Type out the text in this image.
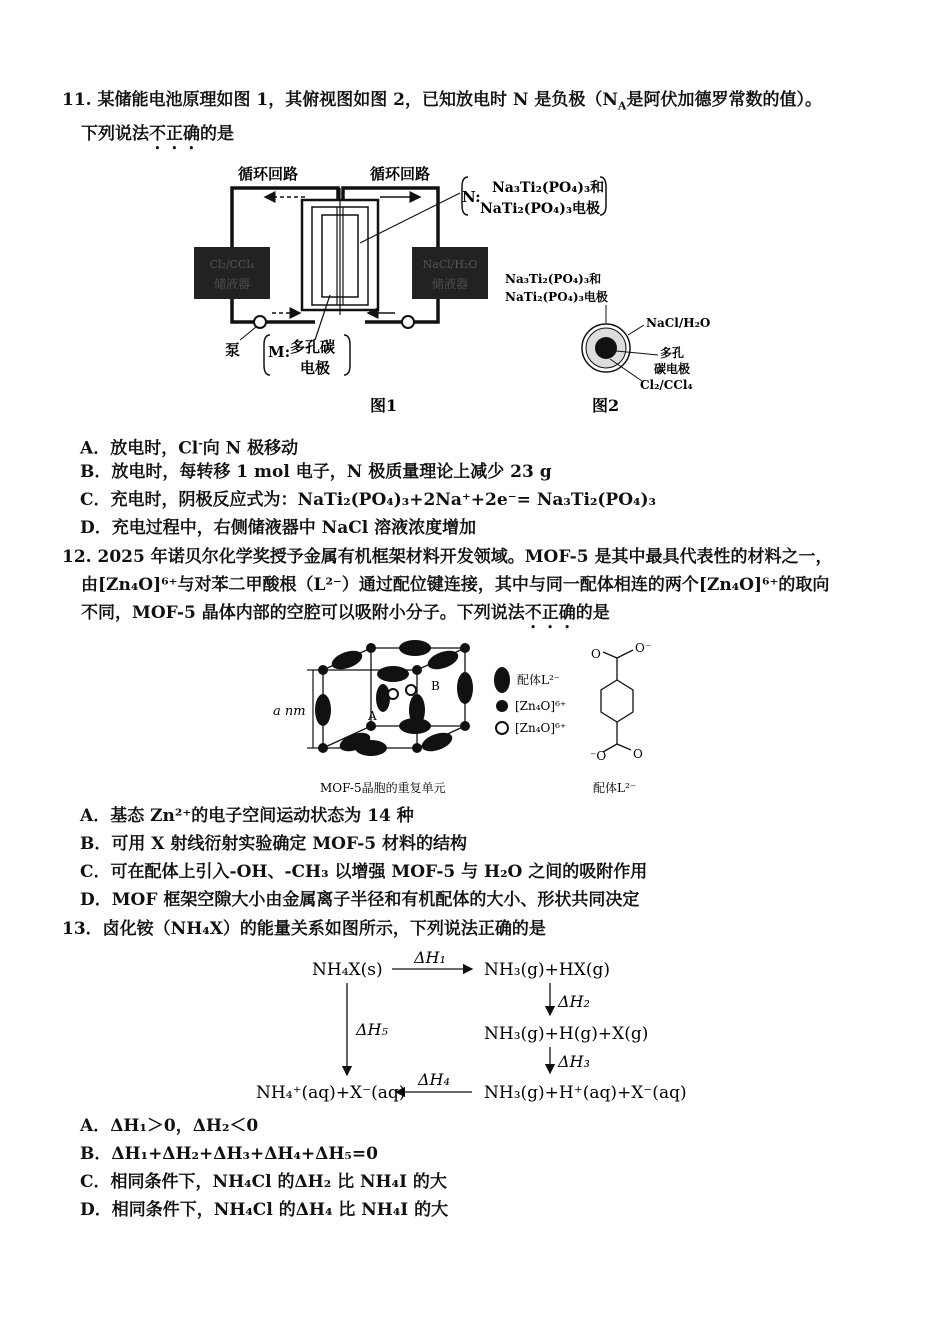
11. 某储能电池原理如图 1，其俯视图如图 2，已知放电时 N 是负极（$N_A$是阿伏加德罗常数的值）。
下列说法不正确的是
循环回路	循环回路
Cl₂/CCl₄
储液器
NaCl/H₂O
储液器
泵 M: 多孔碳
电极
N: Na₃Ti₂(PO₄)₃和
NaTi₂(PO₄)₃电极
图1
Na₃Ti₂(PO₄)₃和
NaTi₂(PO₄)₃电极
NaCl/H₂O
多孔
碳电极
Cl₂/CCl₄
图2
A．放电时，Cl-向 N 极移动
B．放电时，每转移 1 mol 电子，N 极质量理论上减少 23 g
C．充电时，阴极反应式为：NaTi₂(PO₄)₃+2Na⁺+2e⁻= Na₃Ti₂(PO₄)₃
D．充电过程中，右侧储液器中 NaCl 溶液浓度增加
12. 2025 年诺贝尔化学奖授予金属有机框架材料开发领域。MOF-5 是其中最具代表性的材料之一，
由[Zn₄O]⁶⁺与对苯二甲酸根（L²⁻）通过配位键连接，其中与同一配体相连的两个[Zn₄O]⁶⁺的取向
不同，MOF-5 晶体内部的空腔可以吸附小分子。下列说法不正确的是
a nm	A
B	配体L²⁻
[Zn₄O]⁶⁺
[Zn₄O]⁶⁺
O	O⁻
⁻O O
MOF-5晶胞的重复单元	配体L²⁻
A．基态 Zn²⁺的电子空间运动状态为 14 种
B．可用 X 射线衍射实验确定 MOF-5 材料的结构
C．可在配体上引入-OH、-CH₃ 以增强 MOF-5 与 H₂O 之间的吸附作用
D．MOF 框架空隙大小由金属离子半径和有机配体的大小、形状共同决定
13．卤化铵（NH₄X）的能量关系如图所示，下列说法正确的是
NH₄X(s)
ΔH₁
NH₃(g)+HX(g)
ΔH₂
NH₃(g)+H(g)+X(g)
ΔH₃
NH₃(g)+H⁺(aq)+X⁻(aq)
ΔH₄
NH₄⁺(aq)+X⁻(aq)
ΔH₅
A．ΔH₁＞0，ΔH₂＜0
B．ΔH₁+ΔH₂+ΔH₃+ΔH₄+ΔH₅=0
C．相同条件下，NH₄Cl 的ΔH₂ 比 NH₄I 的大
D．相同条件下，NH₄Cl 的ΔH₄ 比 NH₄I 的大
